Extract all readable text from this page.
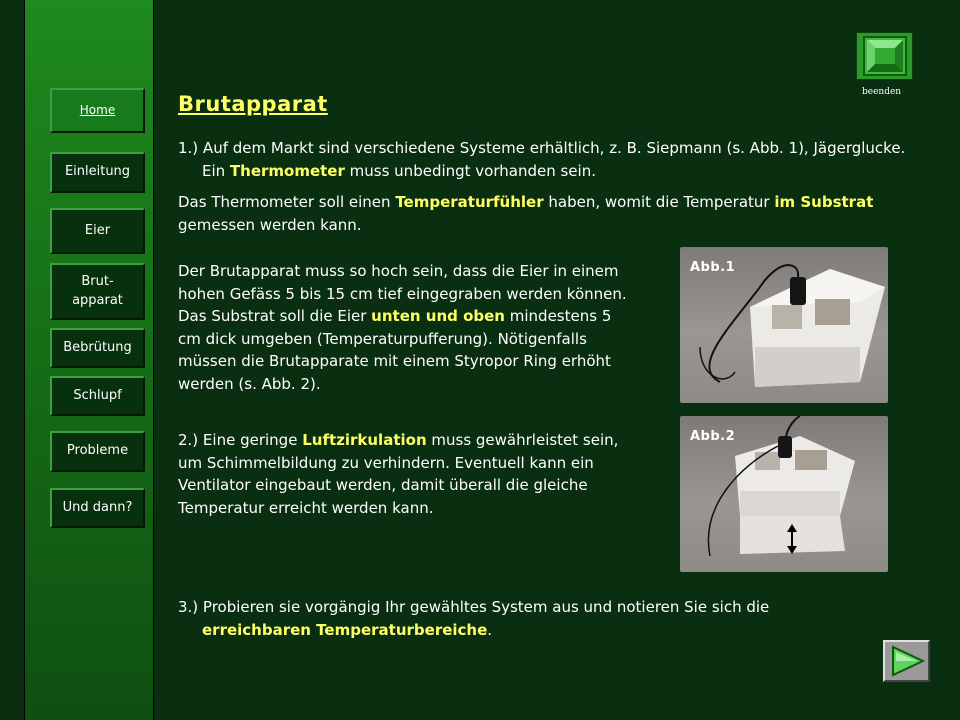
Home
Einleitung
Eier
Brut-
apparat
Bebrütung
Schlupf
Probleme
Und dann?
beenden
Brutapparat
1.) Auf dem Markt sind verschiedene Systeme erhältlich, z. B. Siepmann (s. Abb. 1), Jägerglucke. Ein Thermometer muss unbedingt vorhanden sein.
Das Thermometer soll einen Temperaturfühler haben, womit die Temperatur im Substrat gemessen werden kann.
Der Brutapparat muss so hoch sein, dass die Eier in einem hohen Gefäss 5 bis 15 cm tief eingegraben werden können. Das Substrat soll die Eier unten und oben mindestens 5 cm dick umgeben (Temperaturpufferung). Nötigenfalls müssen die Brutapparate mit einem Styropor Ring erhöht werden (s. Abb. 2).
2.) Eine geringe Luftzirkulation muss gewährleistet sein, um Schimmelbildung zu verhindern. Eventuell kann ein Ventilator eingebaut werden, damit überall die gleiche Temperatur erreicht werden kann.
3.) Probieren sie vorgängig Ihr gewähltes System aus und notieren Sie sich die erreichbaren Temperaturbereiche.
Abb.1
Abb.2
